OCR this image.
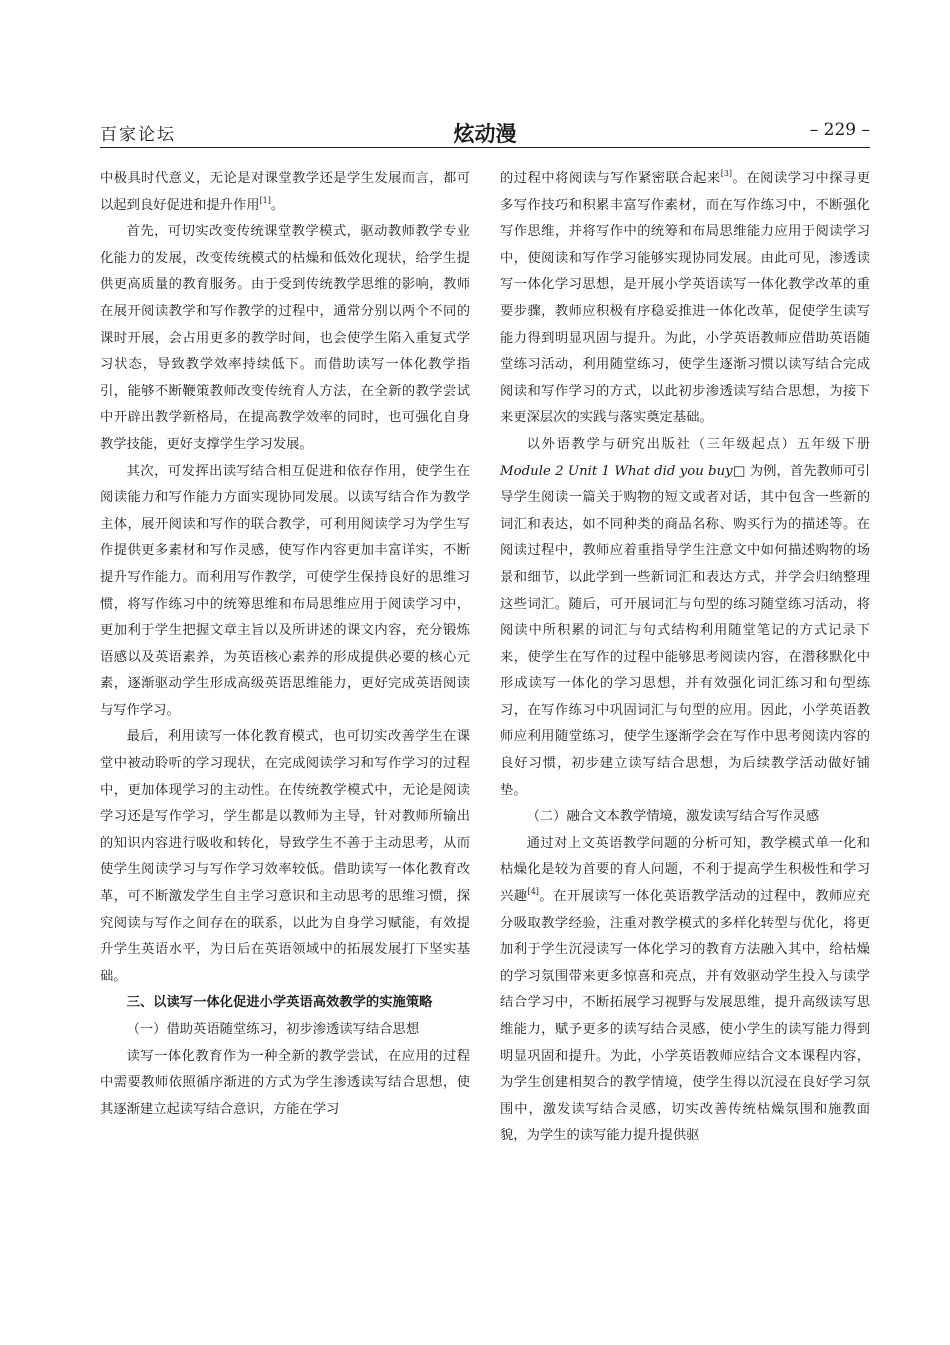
百家论坛	炫动漫	– 229 –

中极具时代意义，无论是对课堂教学还是学生发展而言，都可以起到良好促进和提升作用[1]。

首先，可切实改变传统课堂教学模式，驱动教师教学专业化能力的发展，改变传统模式的枯燥和低效化现状，给学生提供更高质量的教育服务。由于受到传统教学思维的影响，教师在展开阅读教学和写作教学的过程中，通常分别以两个不同的课时开展，会占用更多的教学时间，也会使学生陷入重复式学习状态，导致教学效率持续低下。而借助读写一体化教学指引，能够不断鞭策教师改变传统育人方法，在全新的教学尝试中开辟出教学新格局，在提高教学效率的同时，也可强化自身教学技能，更好支撑学生学习发展。

其次，可发挥出读写结合相互促进和依存作用，使学生在阅读能力和写作能力方面实现协同发展。以读写结合作为教学主体，展开阅读和写作的联合教学，可利用阅读学习为学生写作提供更多素材和写作灵感，使写作内容更加丰富详实，不断提升写作能力。而利用写作教学，可使学生保持良好的思维习惯，将写作练习中的统筹思维和布局思维应用于阅读学习中，更加利于学生把握文章主旨以及所讲述的课文内容，充分锻炼语感以及英语素养，为英语核心素养的形成提供必要的核心元素，逐渐驱动学生形成高级英语思维能力，更好完成英语阅读与写作学习。

最后，利用读写一体化教育模式，也可切实改善学生在课堂中被动聆听的学习现状，在完成阅读学习和写作学习的过程中，更加体现学习的主动性。在传统教学模式中，无论是阅读学习还是写作学习，学生都是以教师为主导，针对教师所输出的知识内容进行吸收和转化，导致学生不善于主动思考，从而使学生阅读学习与写作学习效率较低。借助读写一体化教育改革，可不断激发学生自主学习意识和主动思考的思维习惯，探究阅读与写作之间存在的联系，以此为自身学习赋能，有效提升学生英语水平，为日后在英语领域中的拓展发展打下坚实基础。

三、以读写一体化促进小学英语高效教学的实施策略

（一）借助英语随堂练习，初步渗透读写结合思想

读写一体化教育作为一种全新的教学尝试，在应用的过程中需要教师依照循序渐进的方式为学生渗透读写结合思想，使其逐渐建立起读写结合意识，方能在学习

的过程中将阅读与写作紧密联合起来[3]。在阅读学习中探寻更多写作技巧和积累丰富写作素材，而在写作练习中，不断强化写作思维，并将写作中的统筹和布局思维能力应用于阅读学习中，使阅读和写作学习能够实现协同发展。由此可见，渗透读写一体化学习思想，是开展小学英语读写一体化教学改革的重要步骤，教师应积极有序稳妥推进一体化改革，促使学生读写能力得到明显巩固与提升。为此，小学英语教师应借助英语随堂练习活动，利用随堂练习，使学生逐渐习惯以读写结合完成阅读和写作学习的方式，以此初步渗透读写结合思想，为接下来更深层次的实践与落实奠定基础。

以外语教学与研究出版社（三年级起点）五年级下册 Module 2 Unit 1 What did you buy□ 为例，首先教师可引导学生阅读一篇关于购物的短文或者对话，其中包含一些新的词汇和表达，如不同种类的商品名称、购买行为的描述等。在阅读过程中，教师应着重指导学生注意文中如何描述购物的场景和细节，以此学到一些新词汇和表达方式，并学会归纳整理这些词汇。随后，可开展词汇与句型的练习随堂练习活动，将阅读中所积累的词汇与句式结构利用随堂笔记的方式记录下来，使学生在写作的过程中能够思考阅读内容，在潜移默化中形成读写一体化的学习思想，并有效强化词汇练习和句型练习，在写作练习中巩固词汇与句型的应用。因此，小学英语教师应利用随堂练习，使学生逐渐学会在写作中思考阅读内容的良好习惯，初步建立读写结合思想，为后续教学活动做好铺垫。

（二）融合文本教学情境，激发读写结合写作灵感

通过对上文英语教学问题的分析可知，教学模式单一化和枯燥化是较为首要的育人问题，不利于提高学生积极性和学习兴趣[4]。在开展读写一体化英语教学活动的过程中，教师应充分吸取教学经验，注重对教学模式的多样化转型与优化，将更加利于学生沉浸读写一体化学习的教育方法融入其中，给枯燥的学习氛围带来更多惊喜和亮点，并有效驱动学生投入与读学结合学习中，不断拓展学习视野与发展思维，提升高级读写思维能力，赋予更多的读写结合灵感，使小学生的读写能力得到明显巩固和提升。为此，小学英语教师应结合文本课程内容，为学生创建相契合的教学情境，使学生得以沉浸在良好学习氛围中，激发读写结合灵感，切实改善传统枯燥氛围和施教面貌，为学生的读写能力提升提供驱
